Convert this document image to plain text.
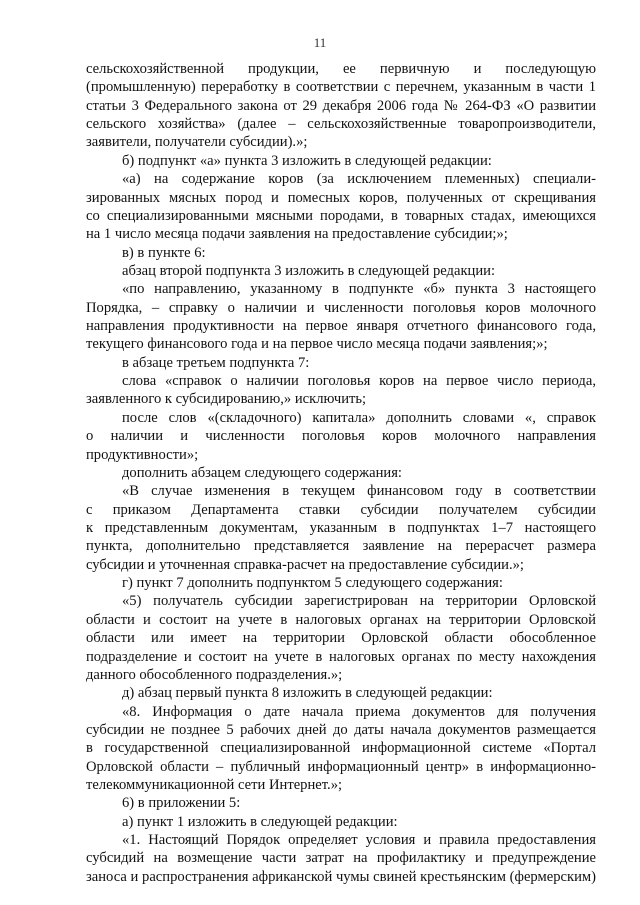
11
сельскохозяйственной продукции, ее первичную и последующую
(промышленную) переработку в соответствии с перечнем, указанным в части 1
статьи 3 Федерального закона от 29 декабря 2006 года № 264-ФЗ «О развитии
сельского хозяйства» (далее – сельскохозяйственные товаропроизводители,
заявители, получатели субсидии).»;
б) подпункт «а» пункта 3 изложить в следующей редакции:
«а) на содержание коров (за исключением племенных) специали-
зированных мясных пород и помесных коров, полученных от скрещивания
со специализированными мясными породами, в товарных стадах, имеющихся
на 1 число месяца подачи заявления на предоставление субсидии;»;
в) в пункте 6:
абзац второй подпункта 3 изложить в следующей редакции:
«по направлению, указанному в подпункте «б» пункта 3 настоящего
Порядка, – справку о наличии и численности поголовья коров молочного
направления продуктивности на первое января отчетного финансового года,
текущего финансового года и на первое число месяца подачи заявления;»;
в абзаце третьем подпункта 7:
слова «справок о наличии поголовья коров на первое число периода,
заявленного к субсидированию,» исключить;
после слов «(складочного) капитала» дополнить словами «, справок
о наличии и численности поголовья коров молочного направления
продуктивности»;
дополнить абзацем следующего содержания:
«В случае изменения в текущем финансовом году в соответствии
с приказом Департамента ставки субсидии получателем субсидии
к представленным документам, указанным в подпунктах 1–7 настоящего
пункта, дополнительно представляется заявление на перерасчет размера
субсидии и уточненная справка-расчет на предоставление субсидии.»;
г) пункт 7 дополнить подпунктом 5 следующего содержания:
«5) получатель субсидии зарегистрирован на территории Орловской
области и состоит на учете в налоговых органах на территории Орловской
области или имеет на территории Орловской области обособленное
подразделение и состоит на учете в налоговых органах по месту нахождения
данного обособленного подразделения.»;
д) абзац первый пункта 8 изложить в следующей редакции:
«8. Информация о дате начала приема документов для получения
субсидии не позднее 5 рабочих дней до даты начала документов размещается
в государственной специализированной информационной системе «Портал
Орловской области – публичный информационный центр» в информационно-
телекоммуникационной сети Интернет.»;
6) в приложении 5:
а) пункт 1 изложить в следующей редакции:
«1. Настоящий Порядок определяет условия и правила предоставления
субсидий на возмещение части затрат на профилактику и предупреждение
заноса и распространения африканской чумы свиней крестьянским (фермерским)
